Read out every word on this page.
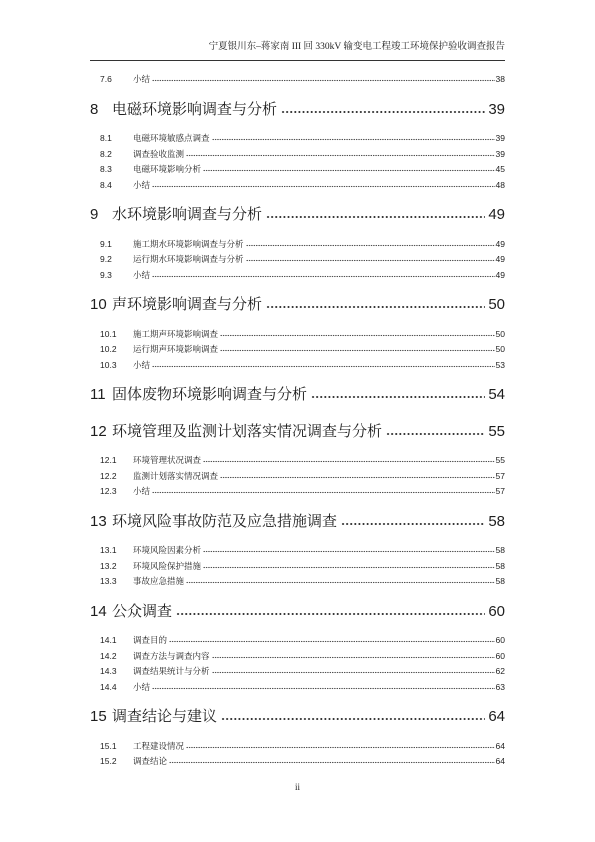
宁夏银川东–蒋家南 III 回 330kV 输变电工程竣工环境保护验收调查报告
7.6	小结	38
8 电磁环境影响调查与分析	39
8.1	电磁环境敏感点调查	39
8.2	调查验收监测	39
8.3	电磁环境影响分析	45
8.4	小结	48
9 水环境影响调查与分析	49
9.1	施工期水环境影响调查与分析	49
9.2	运行期水环境影响调查与分析	49
9.3	小结	49
10 声环境影响调查与分析	50
10.1	施工期声环境影响调查	50
10.2	运行期声环境影响调查	50
10.3	小结	53
11 固体废物环境影响调查与分析	54
12 环境管理及监测计划落实情况调查与分析	55
12.1	环境管理状况调查	55
12.2	监测计划落实情况调查	57
12.3	小结	57
13 环境风险事故防范及应急措施调查	58
13.1	环境风险因素分析	58
13.2	环境风险保护措施	58
13.3	事故应急措施	58
14 公众调查	60
14.1	调查目的	60
14.2	调查方法与调查内容	60
14.3	调查结果统计与分析	62
14.4	小结	63
15 调查结论与建议	64
15.1	工程建设情况	64
15.2	调查结论	64
ii
